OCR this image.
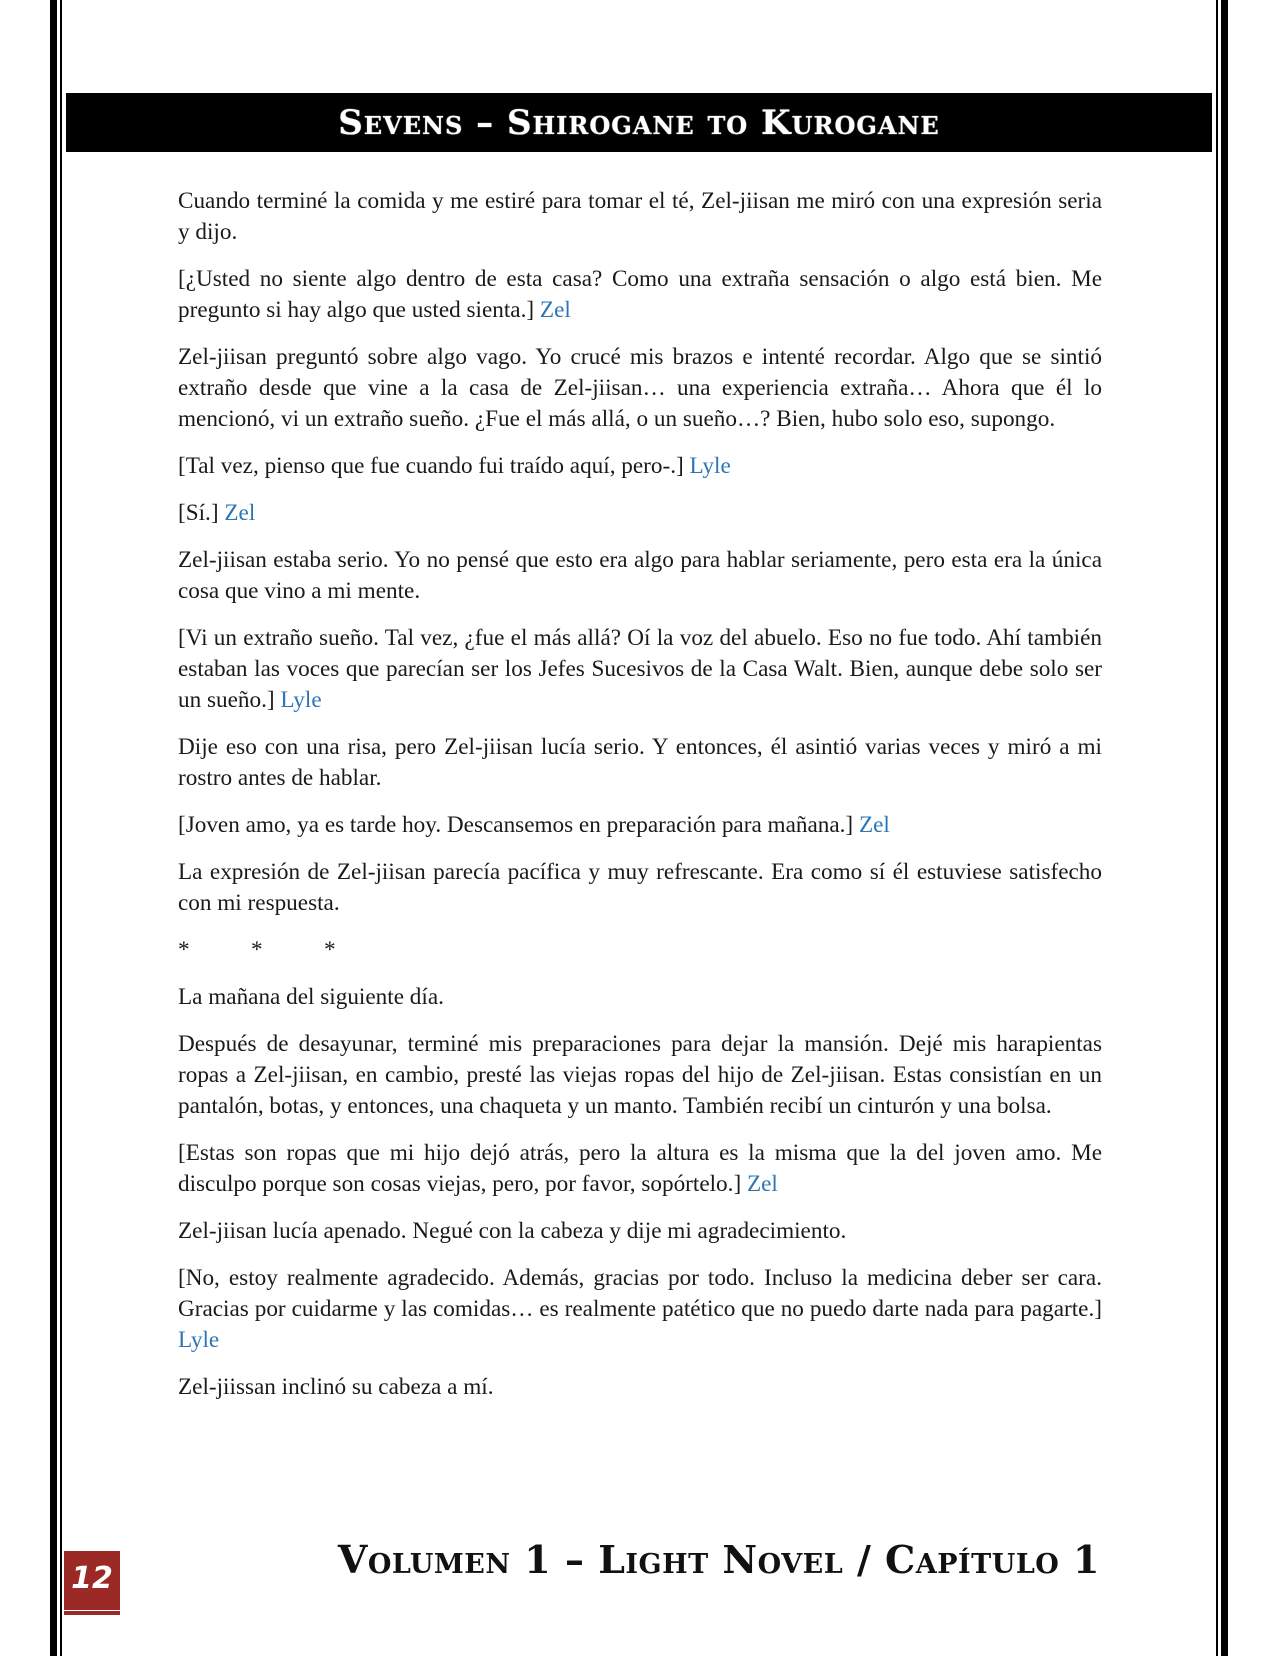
Sevens – Shirogane to Kurogane

Cuando terminé la comida y me estiré para tomar el té, Zel-jiisan me miró con una expresión seria y dijo.

[¿Usted no siente algo dentro de esta casa? Como una extraña sensación o algo está bien. Me pregunto si hay algo que usted sienta.] Zel

Zel-jiisan preguntó sobre algo vago. Yo crucé mis brazos e intenté recordar. Algo que se sintió extraño desde que vine a la casa de Zel-jiisan… una experiencia extraña… Ahora que él lo mencionó, vi un extraño sueño. ¿Fue el más allá, o un sueño…? Bien, hubo solo eso, supongo.

[Tal vez, pienso que fue cuando fui traído aquí, pero-.] Lyle

[Sí.] Zel

Zel-jiisan estaba serio. Yo no pensé que esto era algo para hablar seriamente, pero esta era la única cosa que vino a mi mente.

[Vi un extraño sueño. Tal vez, ¿fue el más allá? Oí la voz del abuelo. Eso no fue todo. Ahí también estaban las voces que parecían ser los Jefes Sucesivos de la Casa Walt. Bien, aunque debe solo ser un sueño.] Lyle

Dije eso con una risa, pero Zel-jiisan lucía serio. Y entonces, él asintió varias veces y miró a mi rostro antes de hablar.

[Joven amo, ya es tarde hoy. Descansemos en preparación para mañana.] Zel

La expresión de Zel-jiisan parecía pacífica y muy refrescante. Era como sí él estuviese satisfecho con mi respuesta.

*	*	*

La mañana del siguiente día.

Después de desayunar, terminé mis preparaciones para dejar la mansión. Dejé mis harapientas ropas a Zel-jiisan, en cambio, presté las viejas ropas del hijo de Zel-jiisan. Estas consistían en un pantalón, botas, y entonces, una chaqueta y un manto. También recibí un cinturón y una bolsa.

[Estas son ropas que mi hijo dejó atrás, pero la altura es la misma que la del joven amo. Me disculpo porque son cosas viejas, pero, por favor, sopórtelo.] Zel

Zel-jiisan lucía apenado. Negué con la cabeza y dije mi agradecimiento.

[No, estoy realmente agradecido. Además, gracias por todo. Incluso la medicina deber ser cara. Gracias por cuidarme y las comidas… es realmente patético que no puedo darte nada para pagarte.] Lyle

Zel-jiissan inclinó su cabeza a mí.

Volumen 1 – Light Novel / Capítulo 1
12
